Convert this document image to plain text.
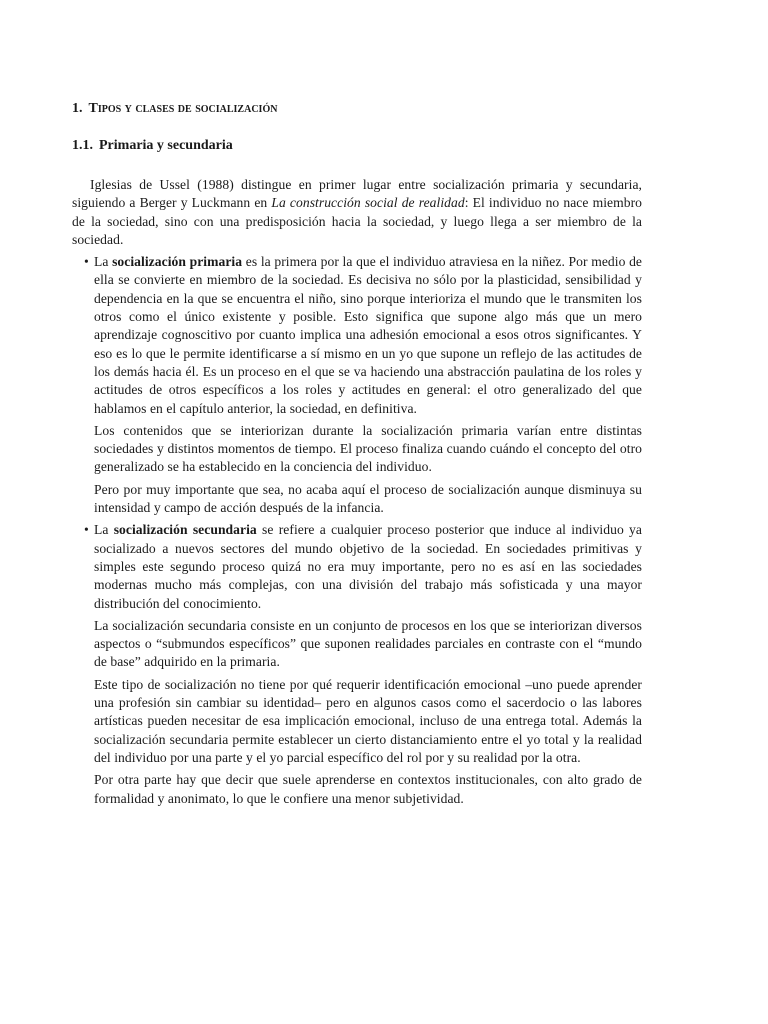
1. Tipos y clases de socialización
1.1. Primaria y secundaria

Iglesias de Ussel (1988) distingue en primer lugar entre socialización primaria y secundaria, siguiendo a Berger y Luckmann en La construcción social de realidad: El individuo no nace miembro de la sociedad, sino con una predisposición hacia la sociedad, y luego llega a ser miembro de la sociedad.

• La socialización primaria es la primera por la que el individuo atraviesa en la niñez. Por medio de ella se convierte en miembro de la sociedad. Es decisiva no sólo por la plasticidad, sensibilidad y dependencia en la que se encuentra el niño, sino porque interioriza el mundo que le transmiten los otros como el único existente y posible. Esto significa que supone algo más que un mero aprendizaje cognoscitivo por cuanto implica una adhesión emocional a esos otros significantes. Y eso es lo que le permite identificarse a sí mismo en un yo que supone un reflejo de las actitudes de los demás hacia él. Es un proceso en el que se va haciendo una abstracción paulatina de los roles y actitudes de otros específicos a los roles y actitudes en general: el otro generalizado del que hablamos en el capítulo anterior, la sociedad, en definitiva.

Los contenidos que se interiorizan durante la socialización primaria varían entre distintas sociedades y distintos momentos de tiempo. El proceso finaliza cuando cuándo el concepto del otro generalizado se ha establecido en la conciencia del individuo.

Pero por muy importante que sea, no acaba aquí el proceso de socialización aunque disminuya su intensidad y campo de acción después de la infancia.

• La socialización secundaria se refiere a cualquier proceso posterior que induce al individuo ya socializado a nuevos sectores del mundo objetivo de la sociedad. En sociedades primitivas y simples este segundo proceso quizá no era muy importante, pero no es así en las sociedades modernas mucho más complejas, con una división del trabajo más sofisticada y una mayor distribución del conocimiento.

La socialización secundaria consiste en un conjunto de procesos en los que se interiorizan diversos aspectos o “submundos específicos” que suponen realidades parciales en contraste con el “mundo de base” adquirido en la primaria.

Este tipo de socialización no tiene por qué requerir identificación emocional –uno puede aprender una profesión sin cambiar su identidad– pero en algunos casos como el sacerdocio o las labores artísticas pueden necesitar de esa implicación emocional, incluso de una entrega total. Además la socialización secundaria permite establecer un cierto distanciamiento entre el yo total y la realidad del individuo por una parte y el yo parcial específico del rol por y su realidad por la otra.

Por otra parte hay que decir que suele aprenderse en contextos institucionales, con alto grado de formalidad y anonimato, lo que le confiere una menor subjetividad.
